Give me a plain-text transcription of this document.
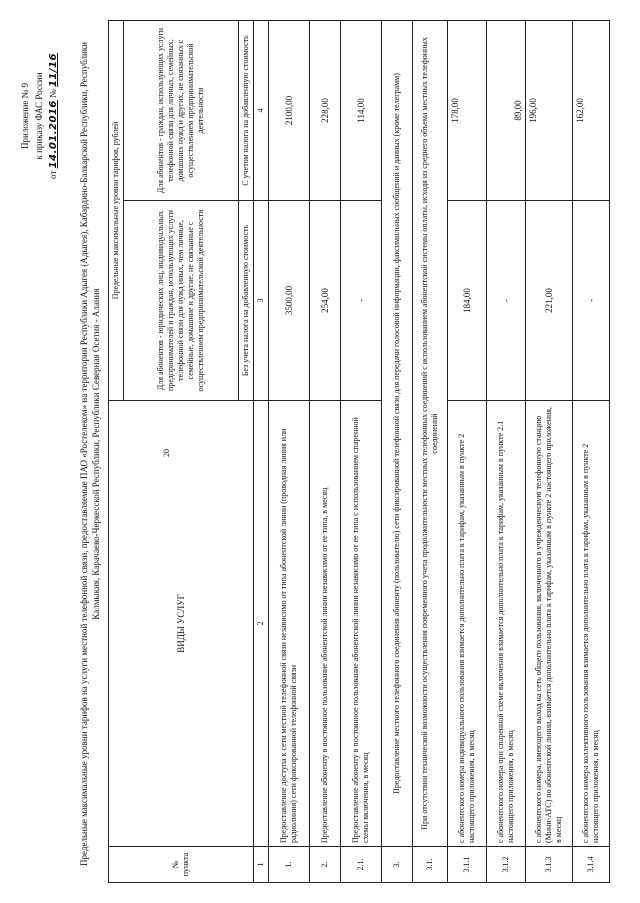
20
Приложение № 9 к приказу ФАС России
от 14.01.2016 № 11/16 Предельные максимальные уровни тарифов на услуги местной телефонной связи, предоставляемые ПАО «Ростелеком» на территории Республики Адыгея (Адыгея), Кабардино-Балкарской Республики, Республики Калмыкия, Карачаево-Черкесской Республики, Республики Северная Осетия - Алания
№ пункта	ВИДЫ УСЛУГ	Предельные максимальные уровни тарифов, рублей	
		Для абонентов - юридических лиц, индивидуальных предпринимателей и граждан, использующих услуги телефонной связи для нужд иных, чем личные, семейные, домашние и другие, не связанные с осуществлением предпринимательской деятельности	Для абонентов - граждан, использующих услуги телефонной связи для личных, семейных, домашних нужд и других, не связанных с осуществлением предпринимательской деятельности
		Без учета налога на добавленную стоимость	С учетом налога на добавленную стоимость
1	2	3	4
1.	Предоставление доступа к сети местной телефонной связи независимо от типа абонентской линии (проводная линия или радиолиния) сети фиксированной телефонной связи	3500,00	2100,00
2.	Предоставление абоненту в постоянное пользование абонентской линии независимо от ее типа, в месяц	254,00	228,00
2.1.	Предоставление абоненту в постоянное пользование абонентской линии независимо от ее типа с использованием спаренной схемы включения, в месяц	-	114,00
3.	Предоставление местного телефонного соединения абоненту (пользователю) сети фиксированной телефонной связи для передачи голосовой информации, факсимильных сообщений и данных (кроме телеграмм)		
3.1.	При отсутствии технической возможности осуществления повременного учета продолжительности местных телефонных соединений с использованием абонентской системы оплаты, исходя из среднего объема местных телефонных соединений		
3.1.1	с абонентского номера индивидуального пользования взимается дополнительно плата к тарифам, указанным в пункте 2 настоящего приложения, в месяц	184,00	178,00
3.1.2	с абонентского номера при спаренной схеме включения взимается дополнительно плата к тарифам, указанным в пункте 2.1 настоящего приложения, в месяц	-	89,00
3.1.3	с абонентского номера, имеющего выход на сеть общего пользования, включенного в учрежденческую телефонную станцию (Мини-АТС) по абонентской линии, взимается дополнительно плата к тарифам, указанным в пункте 2 настоящего приложения, в месяц	221,00	196,00
3.1.4	с абонентского номера коллективного пользования взимается дополнительно плата к тарифам, указанным в пункте 2 настоящего приложения, в месяц	-	162,00
